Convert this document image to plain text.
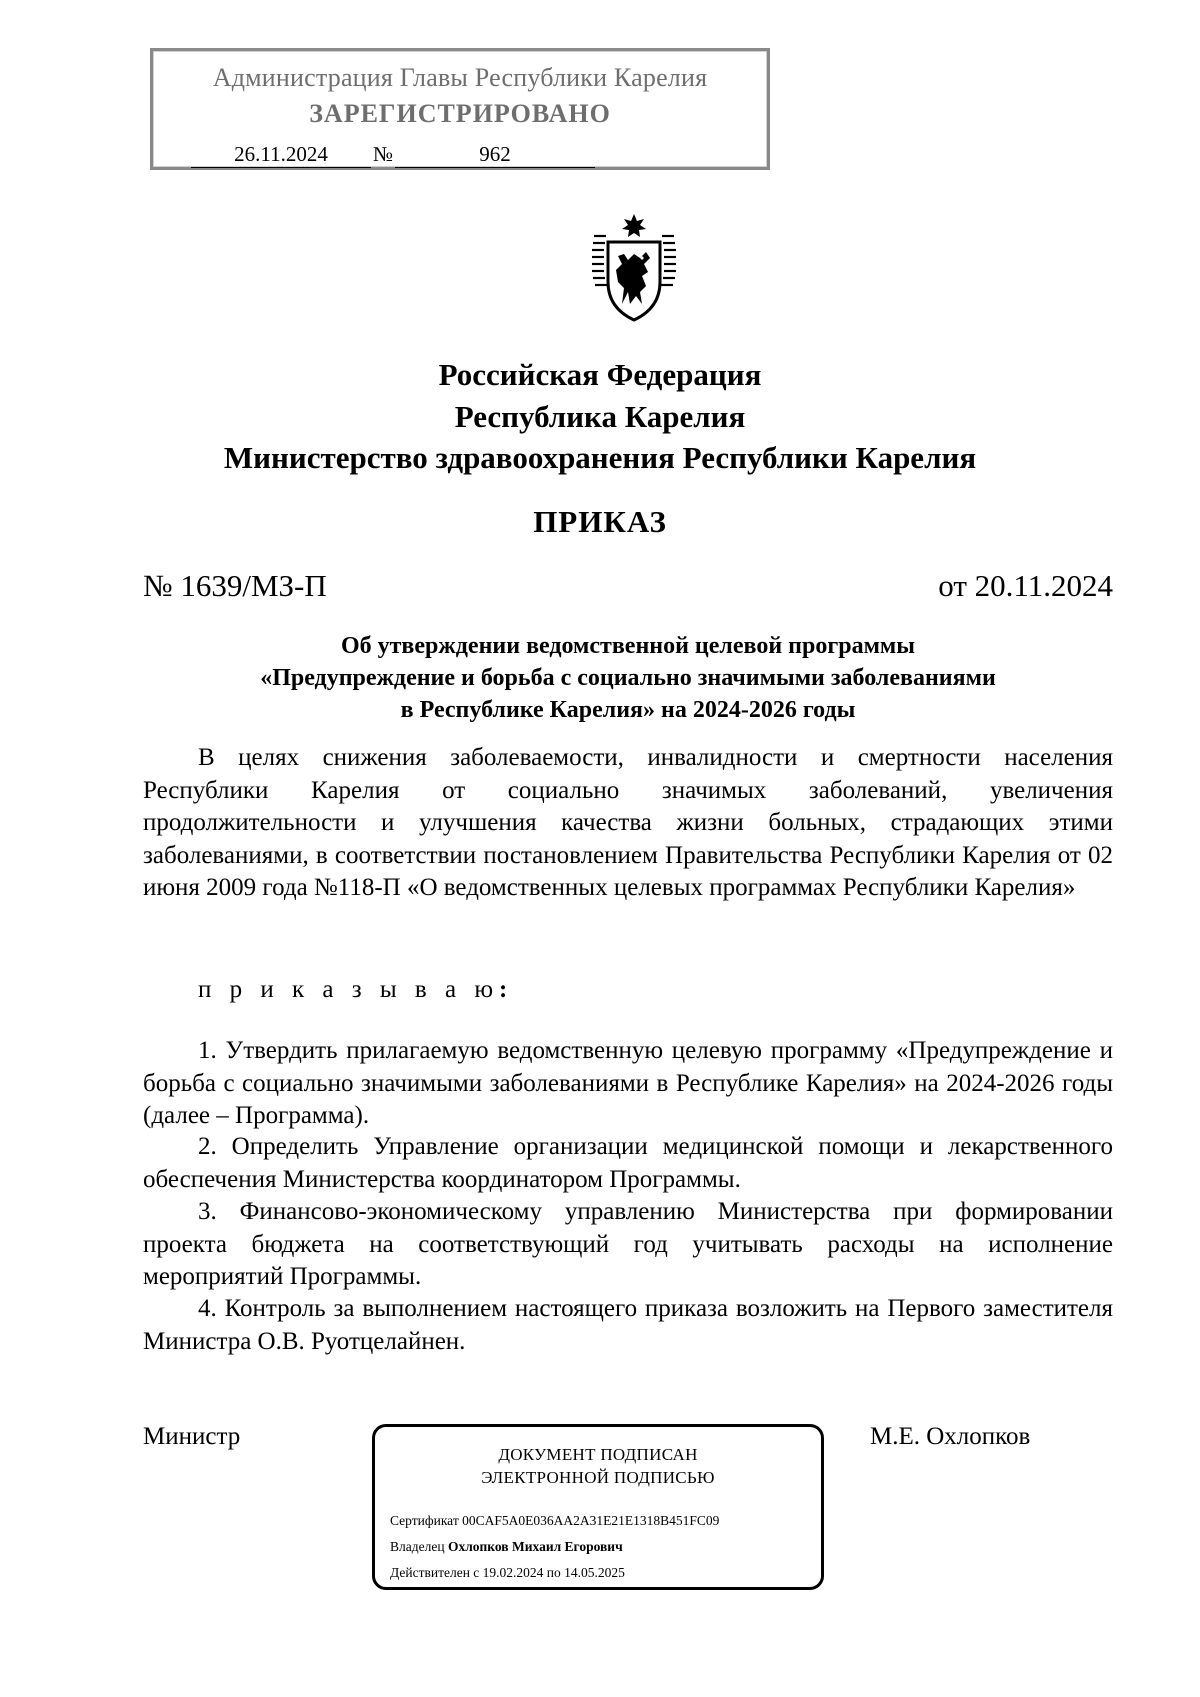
Администрация Главы Республики Карелия
ЗАРЕГИСТРИРОВАНО
26.11.2024 №	962
Российская Федерация
Республика Карелия
Министерство здравоохранения Республики Карелия
ПРИКАЗ
№ 1639/МЗ-П	от 20.11.2024
Об утверждении ведомственной целевой программы
«Предупреждение и борьба с социально значимыми заболеваниями
в Республике Карелия» на 2024-2026 годы
В целях снижения заболеваемости, инвалидности и смертности населения Республики Карелия от социально значимых заболеваний, увеличения продолжительности и улучшения качества жизни больных, страдающих этими заболеваниями, в соответствии постановлением Правительства Республики Карелия от 02 июня 2009 года №118-П «О ведомственных целевых программах Республики Карелия»
п р и к а з ы в а ю:
1. Утвердить прилагаемую ведомственную целевую программу «Предупреждение и борьба с социально значимыми заболеваниями в Республике Карелия» на 2024-2026 годы (далее – Программа).
2. Определить Управление организации медицинской помощи и лекарственного обеспечения Министерства координатором Программы.
3. Финансово-экономическому управлению Министерства при формировании проекта бюджета на соответствующий год учитывать расходы на исполнение мероприятий Программы.
4. Контроль за выполнением настоящего приказа возложить на Первого заместителя Министра О.В. Руотцелайнен.
Министр	М.Е. Охлопков
ДОКУМЕНТ ПОДПИСАН
ЭЛЕКТРОННОЙ ПОДПИСЬЮ
Сертификат 00CAF5A0E036AA2A31E21E1318B451FC09
Владелец Охлопков Михаил Егорович
Действителен с 19.02.2024 по 14.05.2025
